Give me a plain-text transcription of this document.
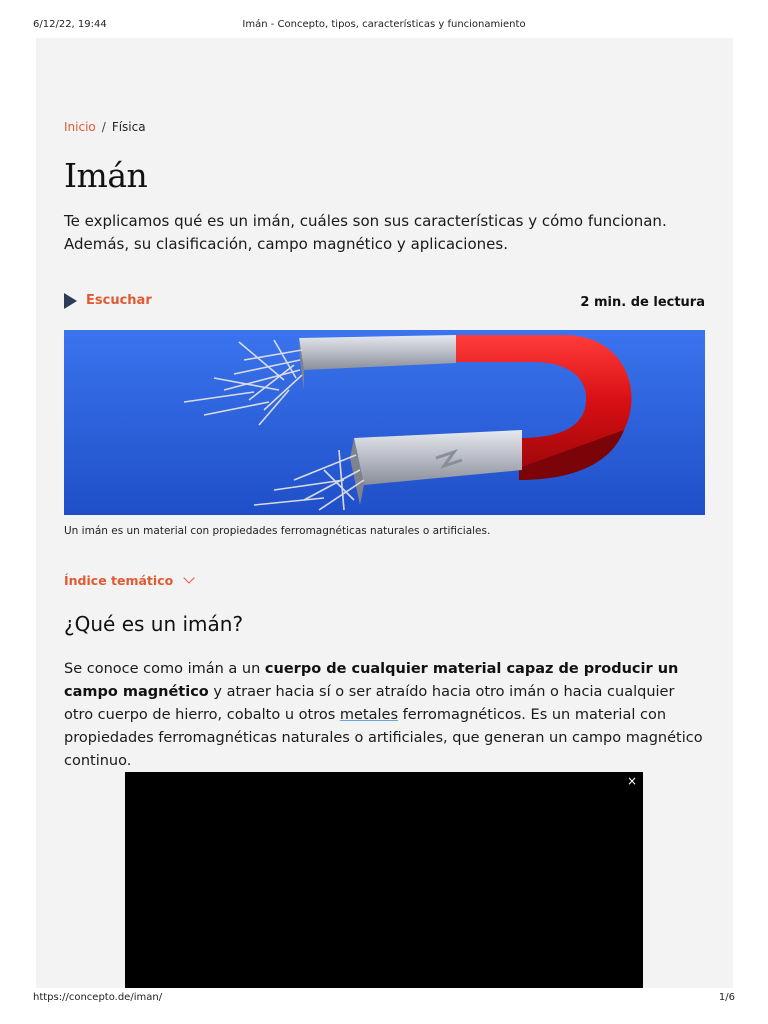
6/12/22, 19:44	Imán - Concepto, tipos, características y funcionamiento
Inicio / Física
Imán

Te explicamos qué es un imán, cuáles son sus características y cómo funcionan. Además, su clasificación, campo magnético y aplicaciones.

Escuchar	2 min. de lectura
Un imán es un material con propiedades ferromagnéticas naturales o artificiales.
Índice temático
¿Qué es un imán?

Se conoce como imán a un cuerpo de cualquier material capaz de producir un campo magnético y atraer hacia sí o ser atraído hacia otro imán o hacia cualquier otro cuerpo de hierro, cobalto u otros metales ferromagnéticos. Es un material con propiedades ferromagnéticas naturales o artificiales, que generan un campo magnético continuo.

×
https://concepto.de/iman/	1/6
